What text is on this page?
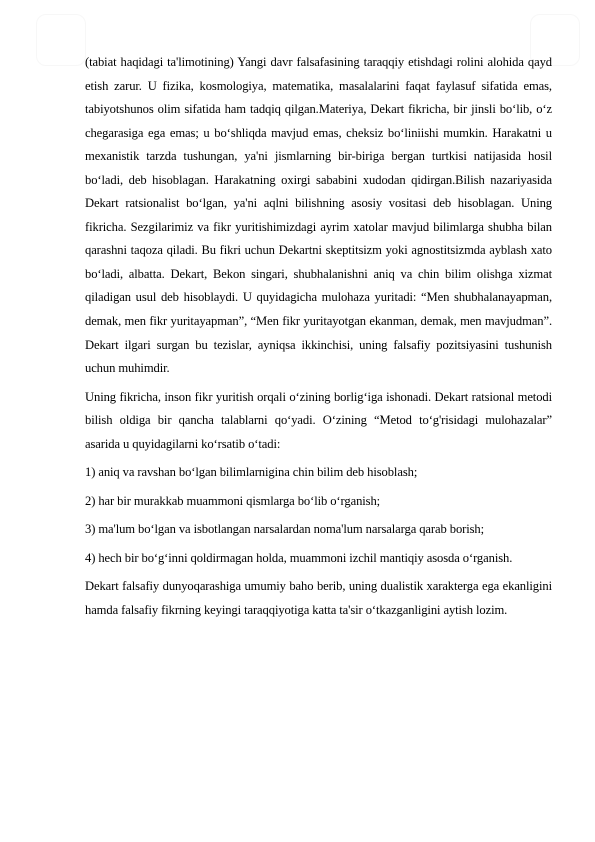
(tabiat haqidagi ta'limotining) Yangi davr falsafasining taraqqiy etishdagi rolini alohida qayd etish zarur. U fizika, kosmologiya, matematika, masalalarini faqat faylasuf sifatida emas, tabiyotshunos olim sifatida ham tadqiq qilgan.Materiya, Dekart fikricha, bir jinsli bo‘lib, o‘z chegarasiga ega emas; u bo‘shliqda mavjud emas, cheksiz bo‘liniishi mumkin. Harakatni u mexanistik tarzda tushungan, ya'ni jismlarning bir-biriga bergan turtkisi natijasida hosil bo‘ladi, deb hisoblagan. Harakatning oxirgi sababini xudodan qidirgan.Bilish nazariyasida Dekart ratsionalist bo‘lgan, ya'ni aqlni bilishning asosiy vositasi deb hisoblagan. Uning fikricha. Sezgilarimiz va fikr yuritishimizdagi ayrim xatolar mavjud bilimlarga shubha bilan qarashni taqoza qiladi. Bu fikri uchun Dekartni skeptitsizm yoki agnostitsizmda ayblash xato bo‘ladi, albatta. Dekart, Bekon singari, shubhalanishni aniq va chin bilim olishga xizmat qiladigan usul deb hisoblaydi. U quyidagicha mulohaza yuritadi: “Men shubhalanayapman, demak, men fikr yuritayapman”, “Men fikr yuritayotgan ekanman, demak, men mavjudman”. Dekart ilgari surgan bu tezislar, ayniqsa ikkinchisi, uning falsafiy pozitsiyasini tushunish uchun muhimdir.

Uning fikricha, inson fikr yuritish orqali o‘zining borlig‘iga ishonadi. Dekart ratsional metodi bilish oldiga bir qancha talablarni qo‘yadi. O‘zining “Metod to‘g'risidagi mulohazalar” asarida u quyidagilarni ko‘rsatib o‘tadi:

1) aniq va ravshan bo‘lgan bilimlarnigina chin bilim deb hisoblash;

2) har bir murakkab muammoni qismlarga bo‘lib o‘rganish;

3) ma'lum bo‘lgan va isbotlangan narsalardan noma'lum narsalarga qarab borish;

4) hech bir bo‘g‘inni qoldirmagan holda, muammoni izchil mantiqiy asosda o‘rganish.

Dekart falsafiy dunyoqarashiga umumiy baho berib, uning dualistik xarakterga ega ekanligini hamda falsafiy fikrning keyingi taraqqiyotiga katta ta'sir o‘tkazganligini aytish lozim.
